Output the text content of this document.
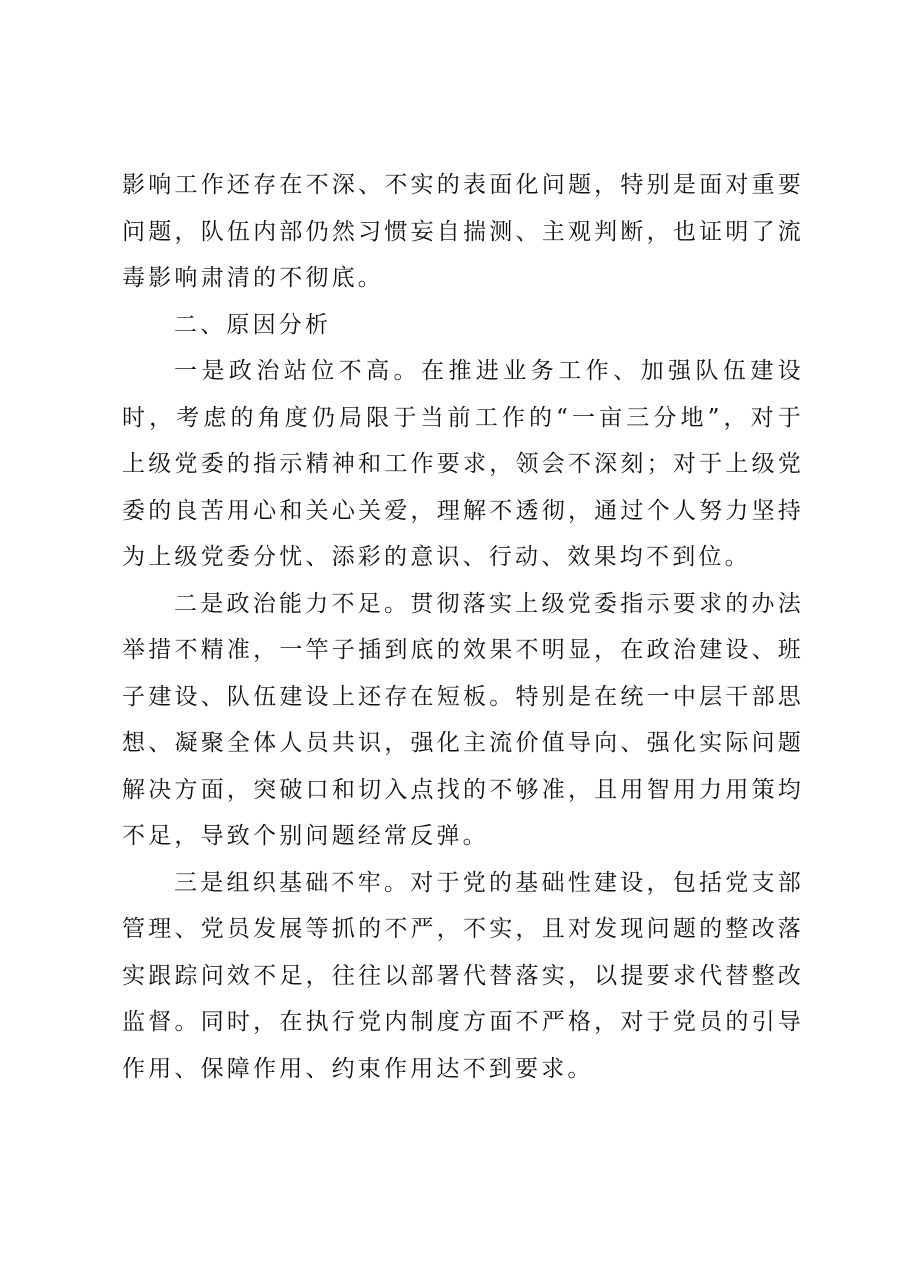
影响工作还存在不深、不实的表面化问题，特别是面对重要问题，队伍内部仍然习惯妄自揣测、主观判断，也证明了流毒影响肃清的不彻底。

二、原因分析

一是政治站位不高。在推进业务工作、加强队伍建设时，考虑的角度仍局限于当前工作的“一亩三分地”，对于上级党委的指示精神和工作要求，领会不深刻；对于上级党委的良苦用心和关心关爱，理解不透彻，通过个人努力坚持为上级党委分忧、添彩的意识、行动、效果均不到位。

二是政治能力不足。贯彻落实上级党委指示要求的办法举措不精准，一竿子插到底的效果不明显，在政治建设、班子建设、队伍建设上还存在短板。特别是在统一中层干部思想、凝聚全体人员共识，强化主流价值导向、强化实际问题解决方面，突破口和切入点找的不够准，且用智用力用策均不足，导致个别问题经常反弹。

三是组织基础不牢。对于党的基础性建设，包括党支部管理、党员发展等抓的不严，不实，且对发现问题的整改落实跟踪问效不足，往往以部署代替落实，以提要求代替整改监督。同时，在执行党内制度方面不严格，对于党员的引导作用、保障作用、约束作用达不到要求。
